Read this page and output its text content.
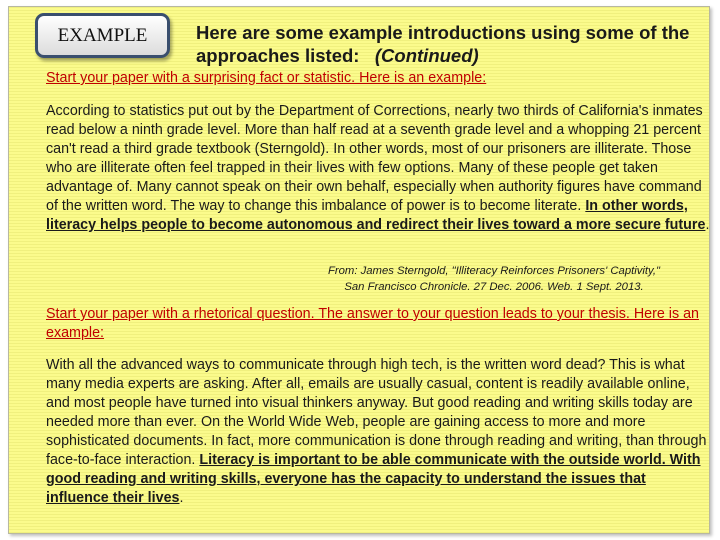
EXAMPLE	Here are some example introductions using some of the approaches listed: (Continued)
Start your paper with a surprising fact or statistic. Here is an example:
According to statistics put out by the Department of Corrections, nearly two thirds of California's inmates read below a ninth grade level. More than half read at a seventh grade level and a whopping 21 percent can't read a third grade textbook (Sterngold). In other words, most of our prisoners are illiterate. Those who are illiterate often feel trapped in their lives with few options. Many of these people get taken advantage of. Many cannot speak on their own behalf, especially when authority figures have command of the written word. The way to change this imbalance of power is to become literate. In other words, literacy helps people to become autonomous and redirect their lives toward a more secure future.
From: James Sterngold, "Illiteracy Reinforces Prisoners' Captivity,"
San Francisco Chronicle. 27 Dec. 2006. Web. 1 Sept. 2013.
Start your paper with a rhetorical question. The answer to your question leads to your thesis. Here is an example:
With all the advanced ways to communicate through high tech, is the written word dead? This is what many media experts are asking. After all, emails are usually casual, content is readily available online, and most people have turned into visual thinkers anyway. But good reading and writing skills today are needed more than ever. On the World Wide Web, people are gaining access to more and more sophisticated documents. In fact, more communication is done through reading and writing, than through face-to-face interaction. Literacy is important to be able communicate with the outside world. With good reading and writing skills, everyone has the capacity to understand the issues that influence their lives.
